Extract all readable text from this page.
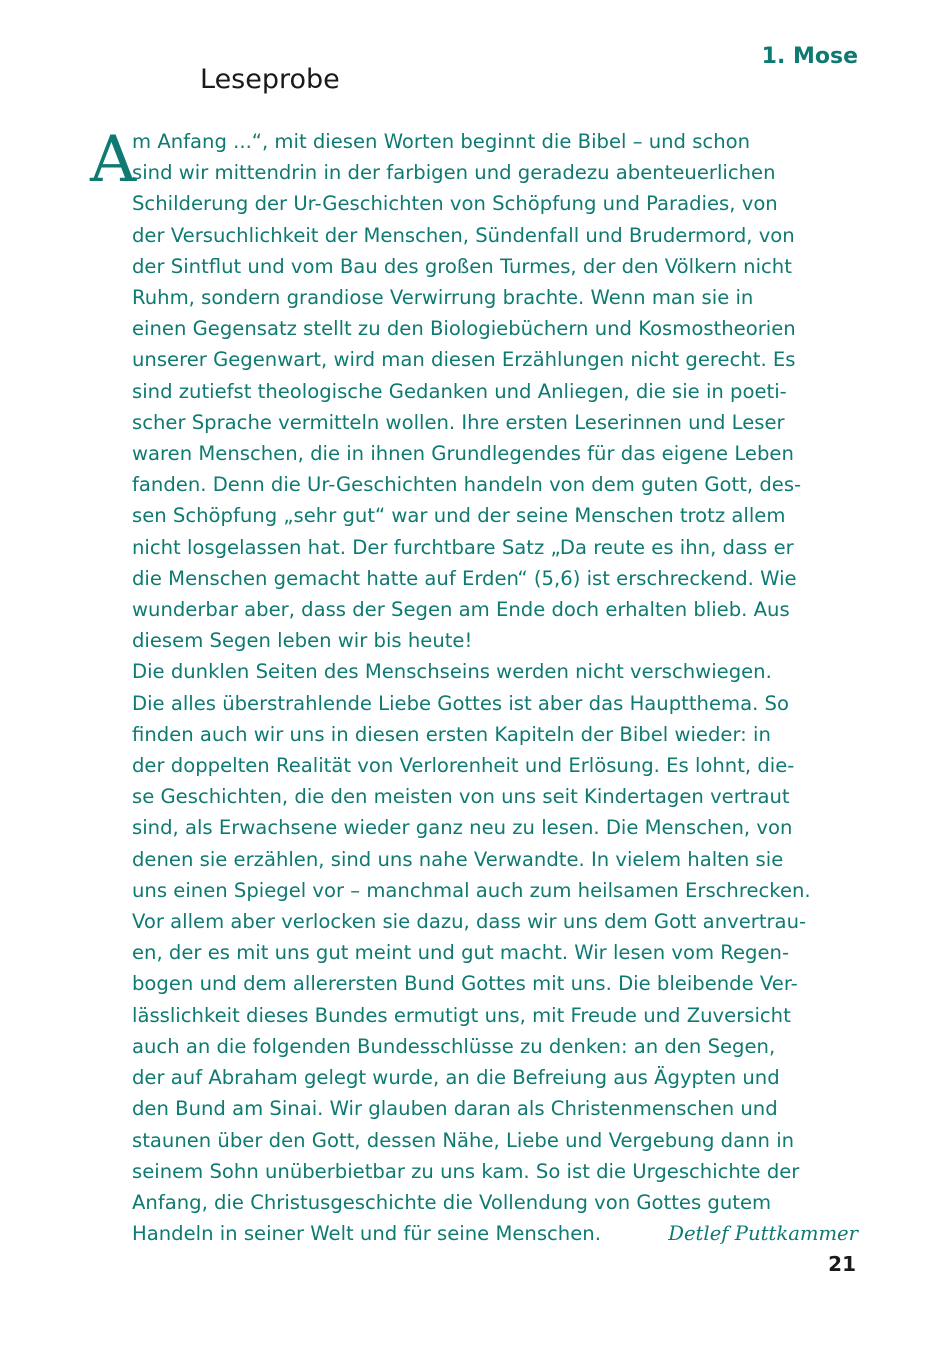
1. Mose
Leseprobe
A
m Anfang ...“, mit diesen Worten beginnt die Bibel – und schon
sind wir mittendrin in der farbigen und geradezu abenteuerlichen
Schilderung der Ur-Geschichten von Schöpfung und Paradies, von
der Versuchlichkeit der Menschen, Sündenfall und Brudermord, von
der Sintflut und vom Bau des großen Turmes, der den Völkern nicht
Ruhm, sondern grandiose Verwirrung brachte. Wenn man sie in
einen Gegensatz stellt zu den Biologiebüchern und Kosmostheorien
unserer Gegenwart, wird man diesen Erzählungen nicht gerecht. Es
sind zutiefst theologische Gedanken und Anliegen, die sie in poeti-
scher Sprache vermitteln wollen. Ihre ersten Leserinnen und Leser
waren Menschen, die in ihnen Grundlegendes für das eigene Leben
fanden. Denn die Ur-Geschichten handeln von dem guten Gott, des-
sen Schöpfung „sehr gut“ war und der seine Menschen trotz allem
nicht losgelassen hat. Der furchtbare Satz „Da reute es ihn, dass er
die Menschen gemacht hatte auf Erden“ (5,6) ist erschreckend. Wie
wunderbar aber, dass der Segen am Ende doch erhalten blieb. Aus
diesem Segen leben wir bis heute!
Die dunklen Seiten des Menschseins werden nicht verschwiegen.
Die alles überstrahlende Liebe Gottes ist aber das Hauptthema. So
finden auch wir uns in diesen ersten Kapiteln der Bibel wieder: in
der doppelten Realität von Verlorenheit und Erlösung. Es lohnt, die-
se Geschichten, die den meisten von uns seit Kindertagen vertraut
sind, als Erwachsene wieder ganz neu zu lesen. Die Menschen, von
denen sie erzählen, sind uns nahe Verwandte. In vielem halten sie
uns einen Spiegel vor – manchmal auch zum heilsamen Erschrecken.
Vor allem aber verlocken sie dazu, dass wir uns dem Gott anvertrau-
en, der es mit uns gut meint und gut macht. Wir lesen vom Regen-
bogen und dem allerersten Bund Gottes mit uns. Die bleibende Ver-
lässlichkeit dieses Bundes ermutigt uns, mit Freude und Zuversicht
auch an die folgenden Bundesschlüsse zu denken: an den Segen,
der auf Abraham gelegt wurde, an die Befreiung aus Ägypten und
den Bund am Sinai. Wir glauben daran als Christenmenschen und
staunen über den Gott, dessen Nähe, Liebe und Vergebung dann in
seinem Sohn unüberbietbar zu uns kam. So ist die Urgeschichte der
Anfang, die Christusgeschichte die Vollendung von Gottes gutem
Handeln in seiner Welt und für seine Menschen.	Detlef Puttkammer
21
